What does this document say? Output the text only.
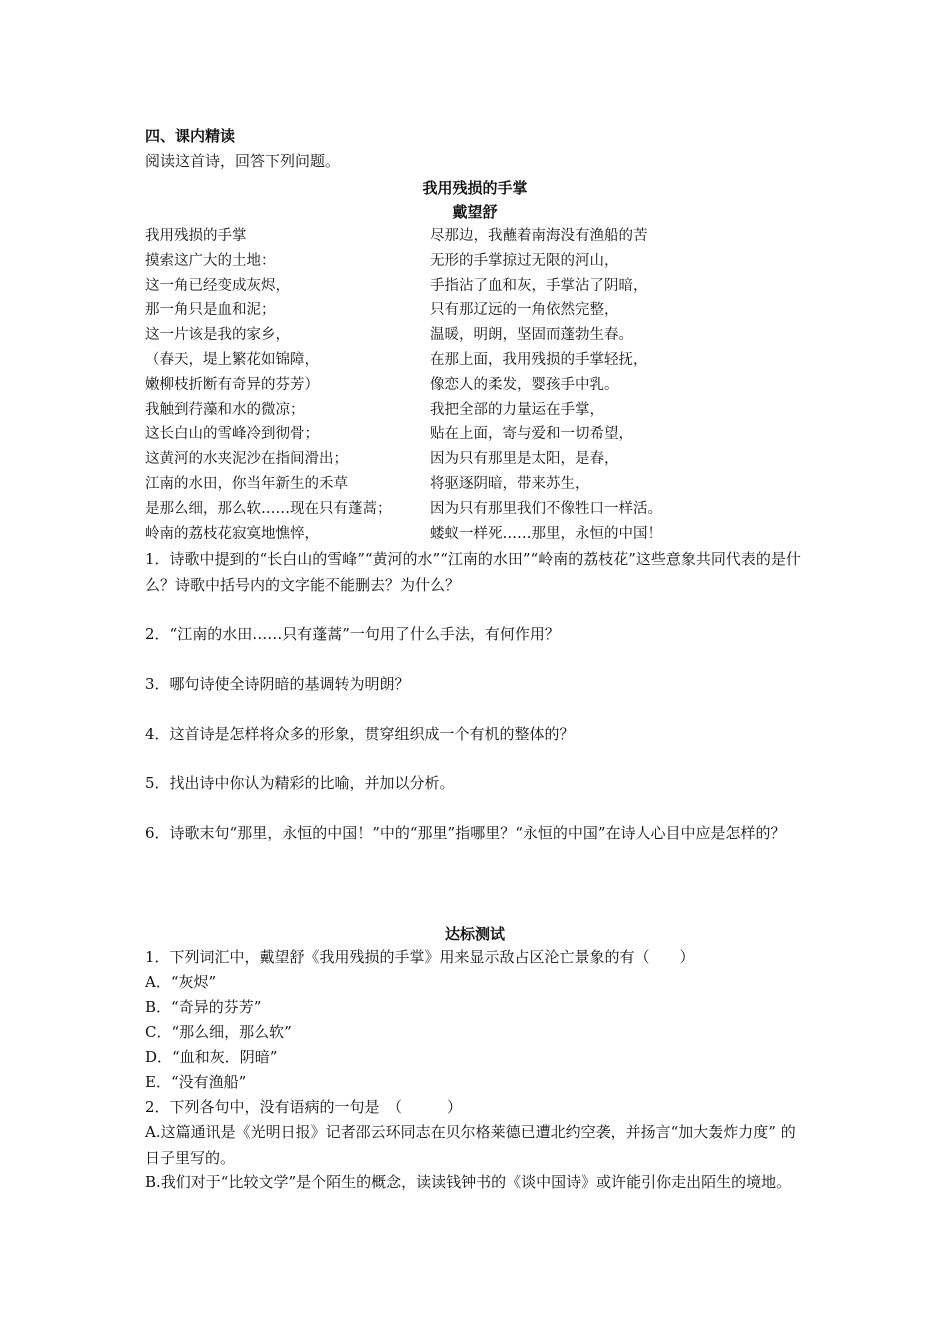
四、课内精读
阅读这首诗，回答下列问题。
我用残损的手掌
戴望舒
我用残损的手掌	尽那边，我蘸着南海没有渔船的苦
摸索这广大的土地：	无形的手掌掠过无限的河山，
这一角已经变成灰烬，	手指沾了血和灰，手掌沾了阴暗，
那一角只是血和泥；	只有那辽远的一角依然完整，
这一片该是我的家乡，	温暖，明朗，坚固而蓬勃生春。
（春天，堤上繁花如锦障，	在那上面，我用残损的手掌轻抚，
嫩柳枝折断有奇异的芬芳）	像恋人的柔发，婴孩手中乳。
我触到荇藻和水的微凉；	我把全部的力量运在手掌，
这长白山的雪峰冷到彻骨；	贴在上面，寄与爱和一切希望，
这黄河的水夹泥沙在指间滑出；	因为只有那里是太阳，是春，
江南的水田，你当年新生的禾草	将驱逐阴暗，带来苏生，
是那么细，那么软……现在只有蓬蒿；	因为只有那里我们不像牲口一样活。
岭南的荔枝花寂寞地憔悴，	蝼蚁一样死……那里，永恒的中国！
1．诗歌中提到的“长白山的雪峰”“黄河的水”“江南的水田”“岭南的荔枝花”这些意象共同代表的是什么？诗歌中括号内的文字能不能删去？为什么？
2．“江南的水田……只有蓬蒿”一句用了什么手法，有何作用？
3．哪句诗使全诗阴暗的基调转为明朗？
4．这首诗是怎样将众多的形象，贯穿组织成一个有机的整体的？
5．找出诗中你认为精彩的比喻，并加以分析。
6．诗歌末句“那里，永恒的中国！”中的“那里”指哪里？“永恒的中国”在诗人心目中应是怎样的？
达标测试
1．下列词汇中，戴望舒《我用残损的手掌》用来显示敌占区沦亡景象的有（　　）
A．“灰烬”
B．“奇异的芬芳”
C．“那么细，那么软”
D．“血和灰．阴暗”
E．“没有渔船”
2．下列各句中，没有语病的一句是　（　　　）
A.这篇通讯是《光明日报》记者邵云环同志在贝尔格莱德已遭北约空袭，并扬言“加大轰炸力度” 的日子里写的。
B.我们对于“比较文学”是个陌生的概念，读读钱钟书的《谈中国诗》或许能引你走出陌生的境地。
